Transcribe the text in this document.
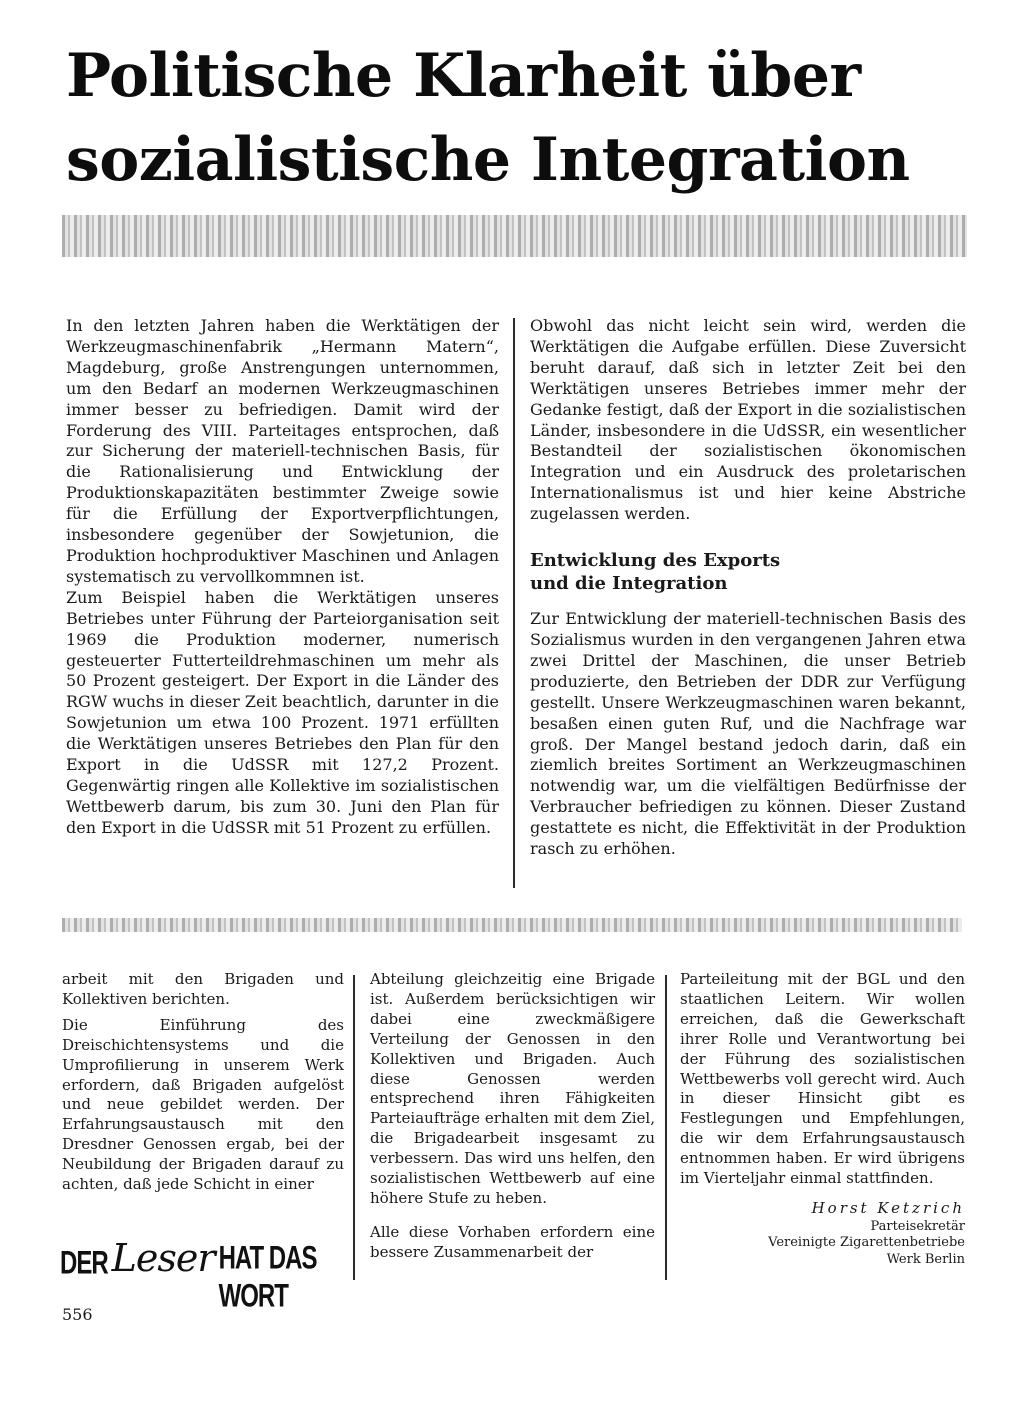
Politische Klarheit über
sozialistische Integration

In den letzten Jahren haben die Werktätigen der Werkzeugmaschinenfabrik „Hermann Matern“, Magdeburg, große Anstrengungen unternommen, um den Bedarf an modernen Werkzeugmaschinen immer besser zu befriedigen. Damit wird der Forderung des VIII. Parteitages entsprochen, daß zur Sicherung der materiell-technischen Basis, für die Rationalisierung und Entwicklung der Produktionskapazitäten bestimmter Zweige sowie für die Erfüllung der Exportverpflichtungen, insbesondere gegenüber der Sowjetunion, die Produktion hochproduktiver Maschinen und Anlagen systematisch zu vervollkommnen ist.

Zum Beispiel haben die Werktätigen unseres Betriebes unter Führung der Parteiorganisation seit 1969 die Produktion moderner, numerisch gesteuerter Futterteildrehmaschinen um mehr als 50 Prozent gesteigert. Der Export in die Länder des RGW wuchs in dieser Zeit beachtlich, darunter in die Sowjetunion um etwa 100 Prozent. 1971 erfüllten die Werktätigen unseres Betriebes den Plan für den Export in die UdSSR mit 127,2 Prozent. Gegenwärtig ringen alle Kollektive im sozialistischen Wettbewerb darum, bis zum 30. Juni den Plan für den Export in die UdSSR mit 51 Prozent zu erfüllen.

Obwohl das nicht leicht sein wird, werden die Werktätigen die Aufgabe erfüllen. Diese Zuversicht beruht darauf, daß sich in letzter Zeit bei den Werktätigen unseres Betriebes immer mehr der Gedanke festigt, daß der Export in die sozialistischen Länder, insbesondere in die UdSSR, ein wesentlicher Bestandteil der sozialistischen ökonomischen Integration und ein Ausdruck des proletarischen Internationalismus ist und hier keine Abstriche zugelassen werden.

Entwicklung des Exports
und die Integration

Zur Entwicklung der materiell-technischen Basis des Sozialismus wurden in den vergangenen Jahren etwa zwei Drittel der Maschinen, die unser Betrieb produzierte, den Betrieben der DDR zur Verfügung gestellt. Unsere Werkzeugmaschinen waren bekannt, besaßen einen guten Ruf, und die Nachfrage war groß. Der Mangel bestand jedoch darin, daß ein ziemlich breites Sortiment an Werkzeugmaschinen notwendig war, um die vielfältigen Bedürfnisse der Verbraucher befriedigen zu können. Dieser Zustand gestattete es nicht, die Effektivität in der Produktion rasch zu erhöhen.

arbeit mit den Brigaden und Kollektiven berichten.

Die Einführung des Dreischichtensystems und die Umprofilierung in unserem Werk erfordern, daß Brigaden aufgelöst und neue gebildet werden. Der Erfahrungsaustausch mit den Dresdner Genossen ergab, bei der Neubildung der Brigaden darauf zu achten, daß jede Schicht in einer

Abteilung gleichzeitig eine Brigade ist. Außerdem berücksichtigen wir dabei eine zweckmäßigere Verteilung der Genossen in den Kollektiven und Brigaden. Auch diese Genossen werden entsprechend ihren Fähigkeiten Parteiaufträge erhalten mit dem Ziel, die Brigadearbeit insgesamt zu verbessern. Das wird uns helfen, den sozialistischen Wettbewerb auf eine höhere Stufe zu heben.

Alle diese Vorhaben erfordern eine bessere Zusammenarbeit der

Parteileitung mit der BGL und den staatlichen Leitern. Wir wollen erreichen, daß die Gewerkschaft ihrer Rolle und Verantwortung bei der Führung des sozialistischen Wettbewerbs voll gerecht wird. Auch in dieser Hinsicht gibt es Festlegungen und Empfehlungen, die wir dem Erfahrungsaustausch entnommen haben. Er wird übrigens im Vierteljahr einmal stattfinden.

Horst Ketzrich
Parteisekretär
Vereinigte Zigarettenbetriebe
Werk Berlin
DER Leser HAT DAS WORT
556
